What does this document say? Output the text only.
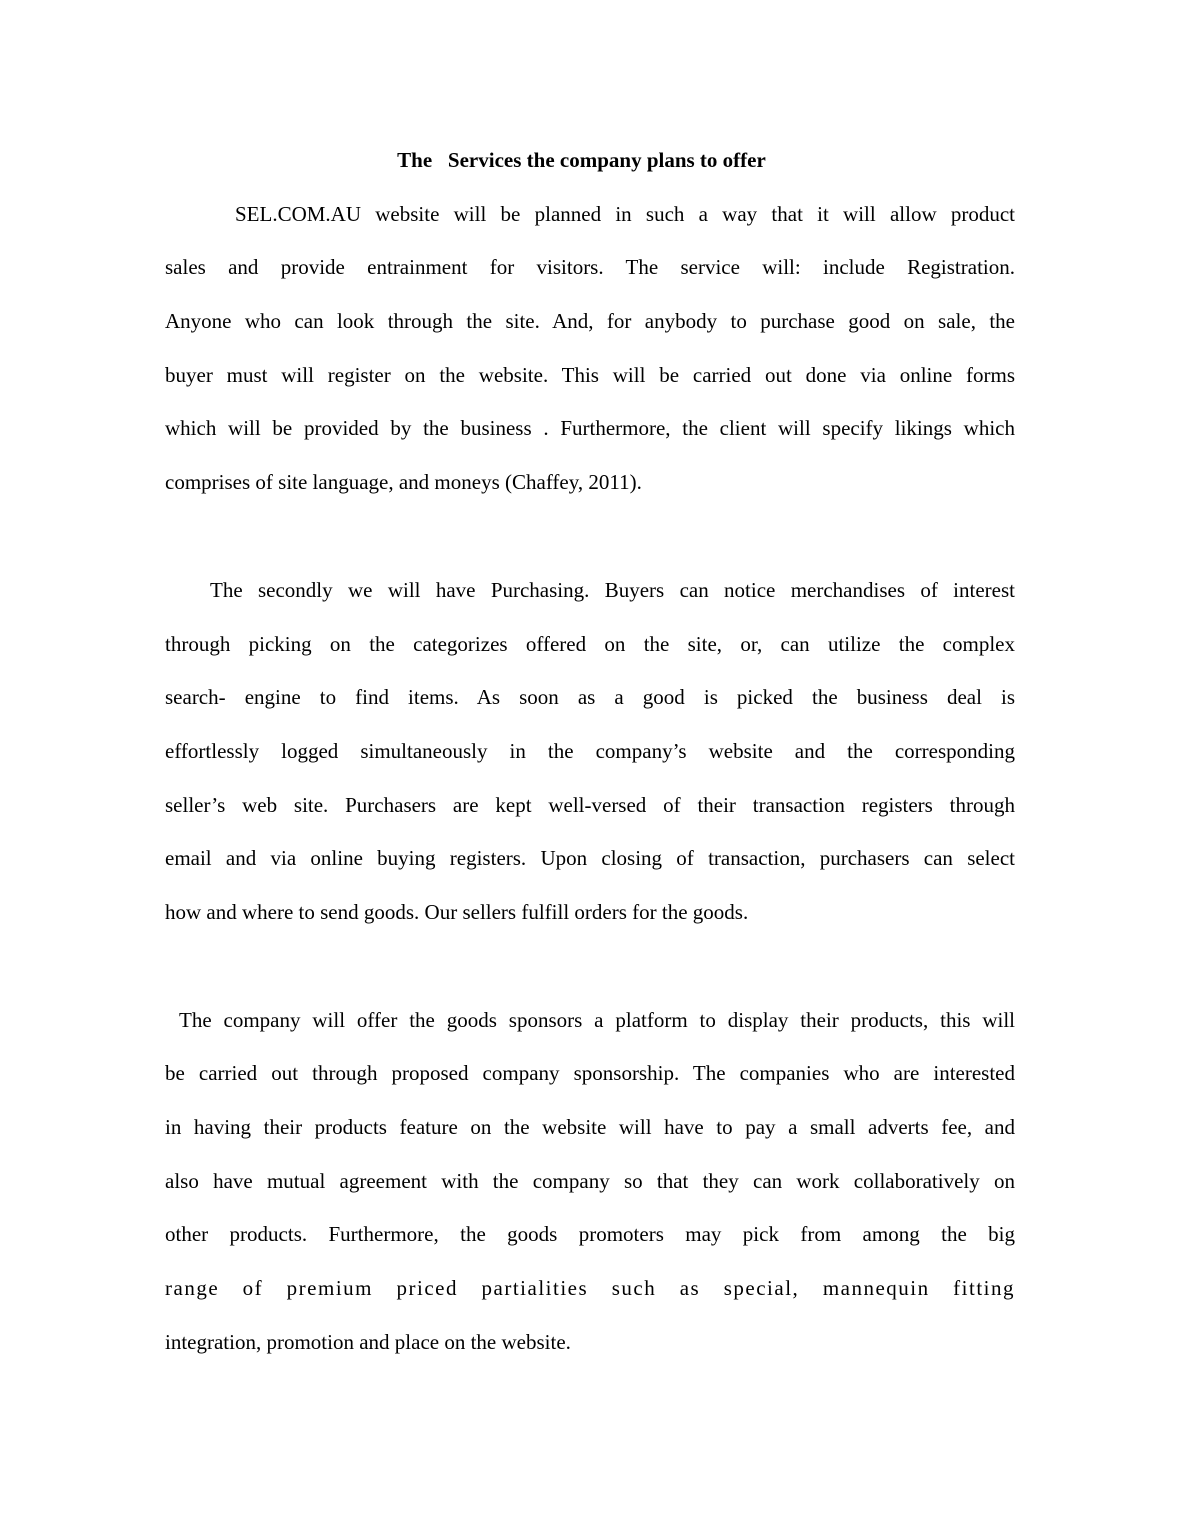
The   Services the company plans to offer
SEL.COM.AU website will be planned in such a way that it will allow product
sales and provide entrainment for visitors. The service will: include Registration.
Anyone who can look through the site. And, for anybody to purchase good on sale, the
buyer must will register on the website. This will be carried out done via online forms
which will be provided by the business . Furthermore, the client will specify likings which
comprises of site language, and moneys (Chaffey, 2011).
The secondly we will have Purchasing. Buyers can notice merchandises of interest
through picking on the categorizes offered on the site, or, can utilize the complex
search- engine to find items. As soon as a good is picked the business deal is
effortlessly logged simultaneously in the company’s website and the corresponding
seller’s web site. Purchasers are kept well-versed of their transaction registers through
email and via online buying registers. Upon closing of transaction, purchasers can select
how and where to send goods. Our sellers fulfill orders for the goods.
The company will offer the goods sponsors a platform to display their products, this will
be carried out through proposed company sponsorship. The companies who are interested
in having their products feature on the website will have to pay a small adverts fee, and
also have mutual agreement with the company so that they can work collaboratively on
other products. Furthermore, the goods promoters may pick from among the big
range of premium priced partialities such as special, mannequin fitting
integration, promotion and place on the website.
